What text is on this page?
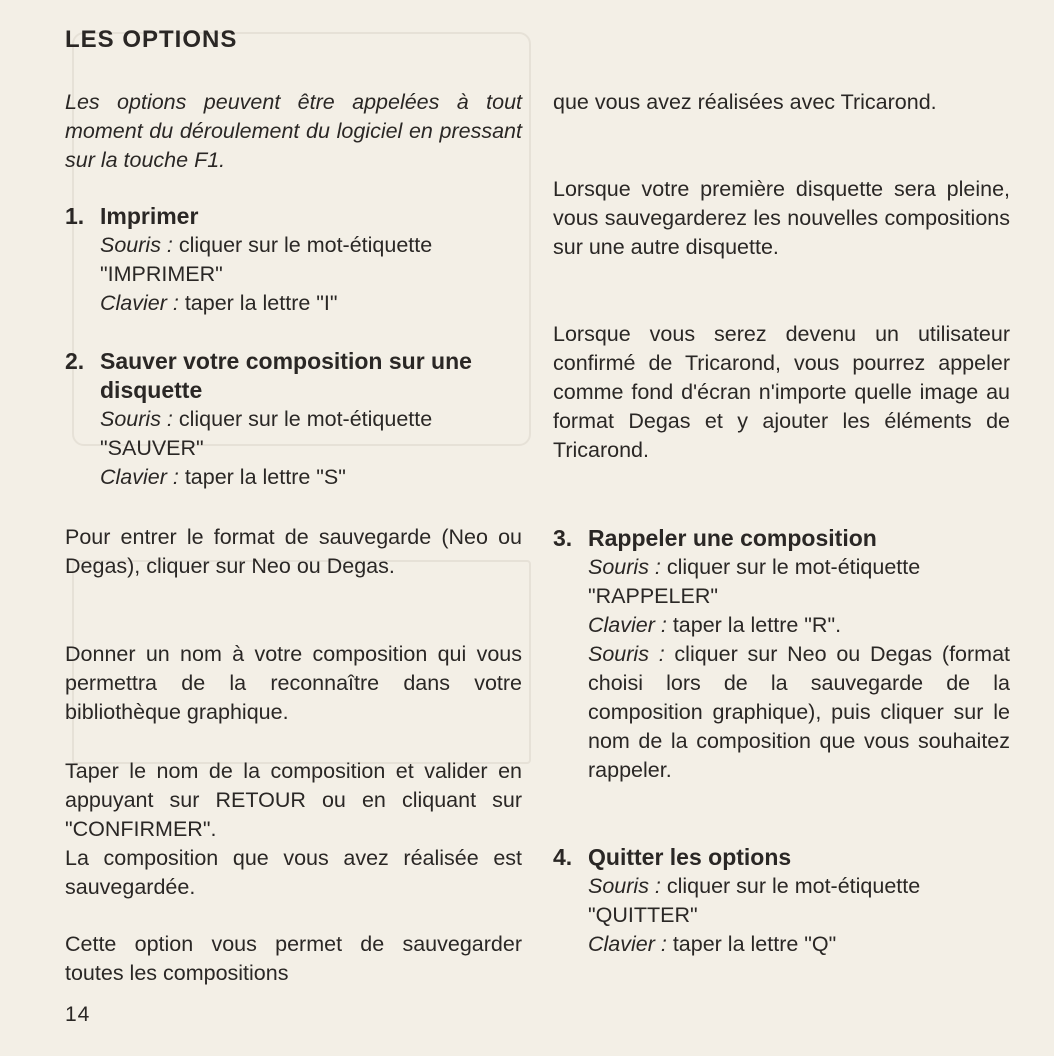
LES OPTIONS

Les options peuvent être appelées à tout moment du déroulement du logiciel en pressant sur la touche F1.

1. Imprimer
Souris : cliquer sur le mot-étiquette "IMPRIMER"
Clavier : taper la lettre "I"
2. Sauver votre composition sur une disquette
Souris : cliquer sur le mot-étiquette "SAUVER"
Clavier : taper la lettre "S"

Pour entrer le format de sauvegarde (Neo ou Degas), cliquer sur Neo ou Degas.

Donner un nom à votre composition qui vous permettra de la reconnaître dans votre bibliothèque graphique.

Taper le nom de la composition et valider en appuyant sur RETOUR ou en cliquant sur "CONFIRMER".

La composition que vous avez réalisée est sauvegardée.

Cette option vous permet de sauvegarder toutes les compositions

que vous avez réalisées avec Tricarond.

Lorsque votre première disquette sera pleine, vous sauvegarderez les nouvelles compositions sur une autre disquette.

Lorsque vous serez devenu un utilisateur confirmé de Tricarond, vous pourrez appeler comme fond d'écran n'importe quelle image au format Degas et y ajouter les éléments de Tricarond.

3. Rappeler une composition
Souris : cliquer sur le mot-étiquette "RAPPELER"
Clavier : taper la lettre "R".
Souris : cliquer sur Neo ou Degas (format choisi lors de la sauvegarde de la composition graphique), puis cliquer sur le nom de la composition que vous souhaitez rappeler.
4. Quitter les options
Souris : cliquer sur le mot-étiquette "QUITTER"
Clavier : taper la lettre "Q"
14
